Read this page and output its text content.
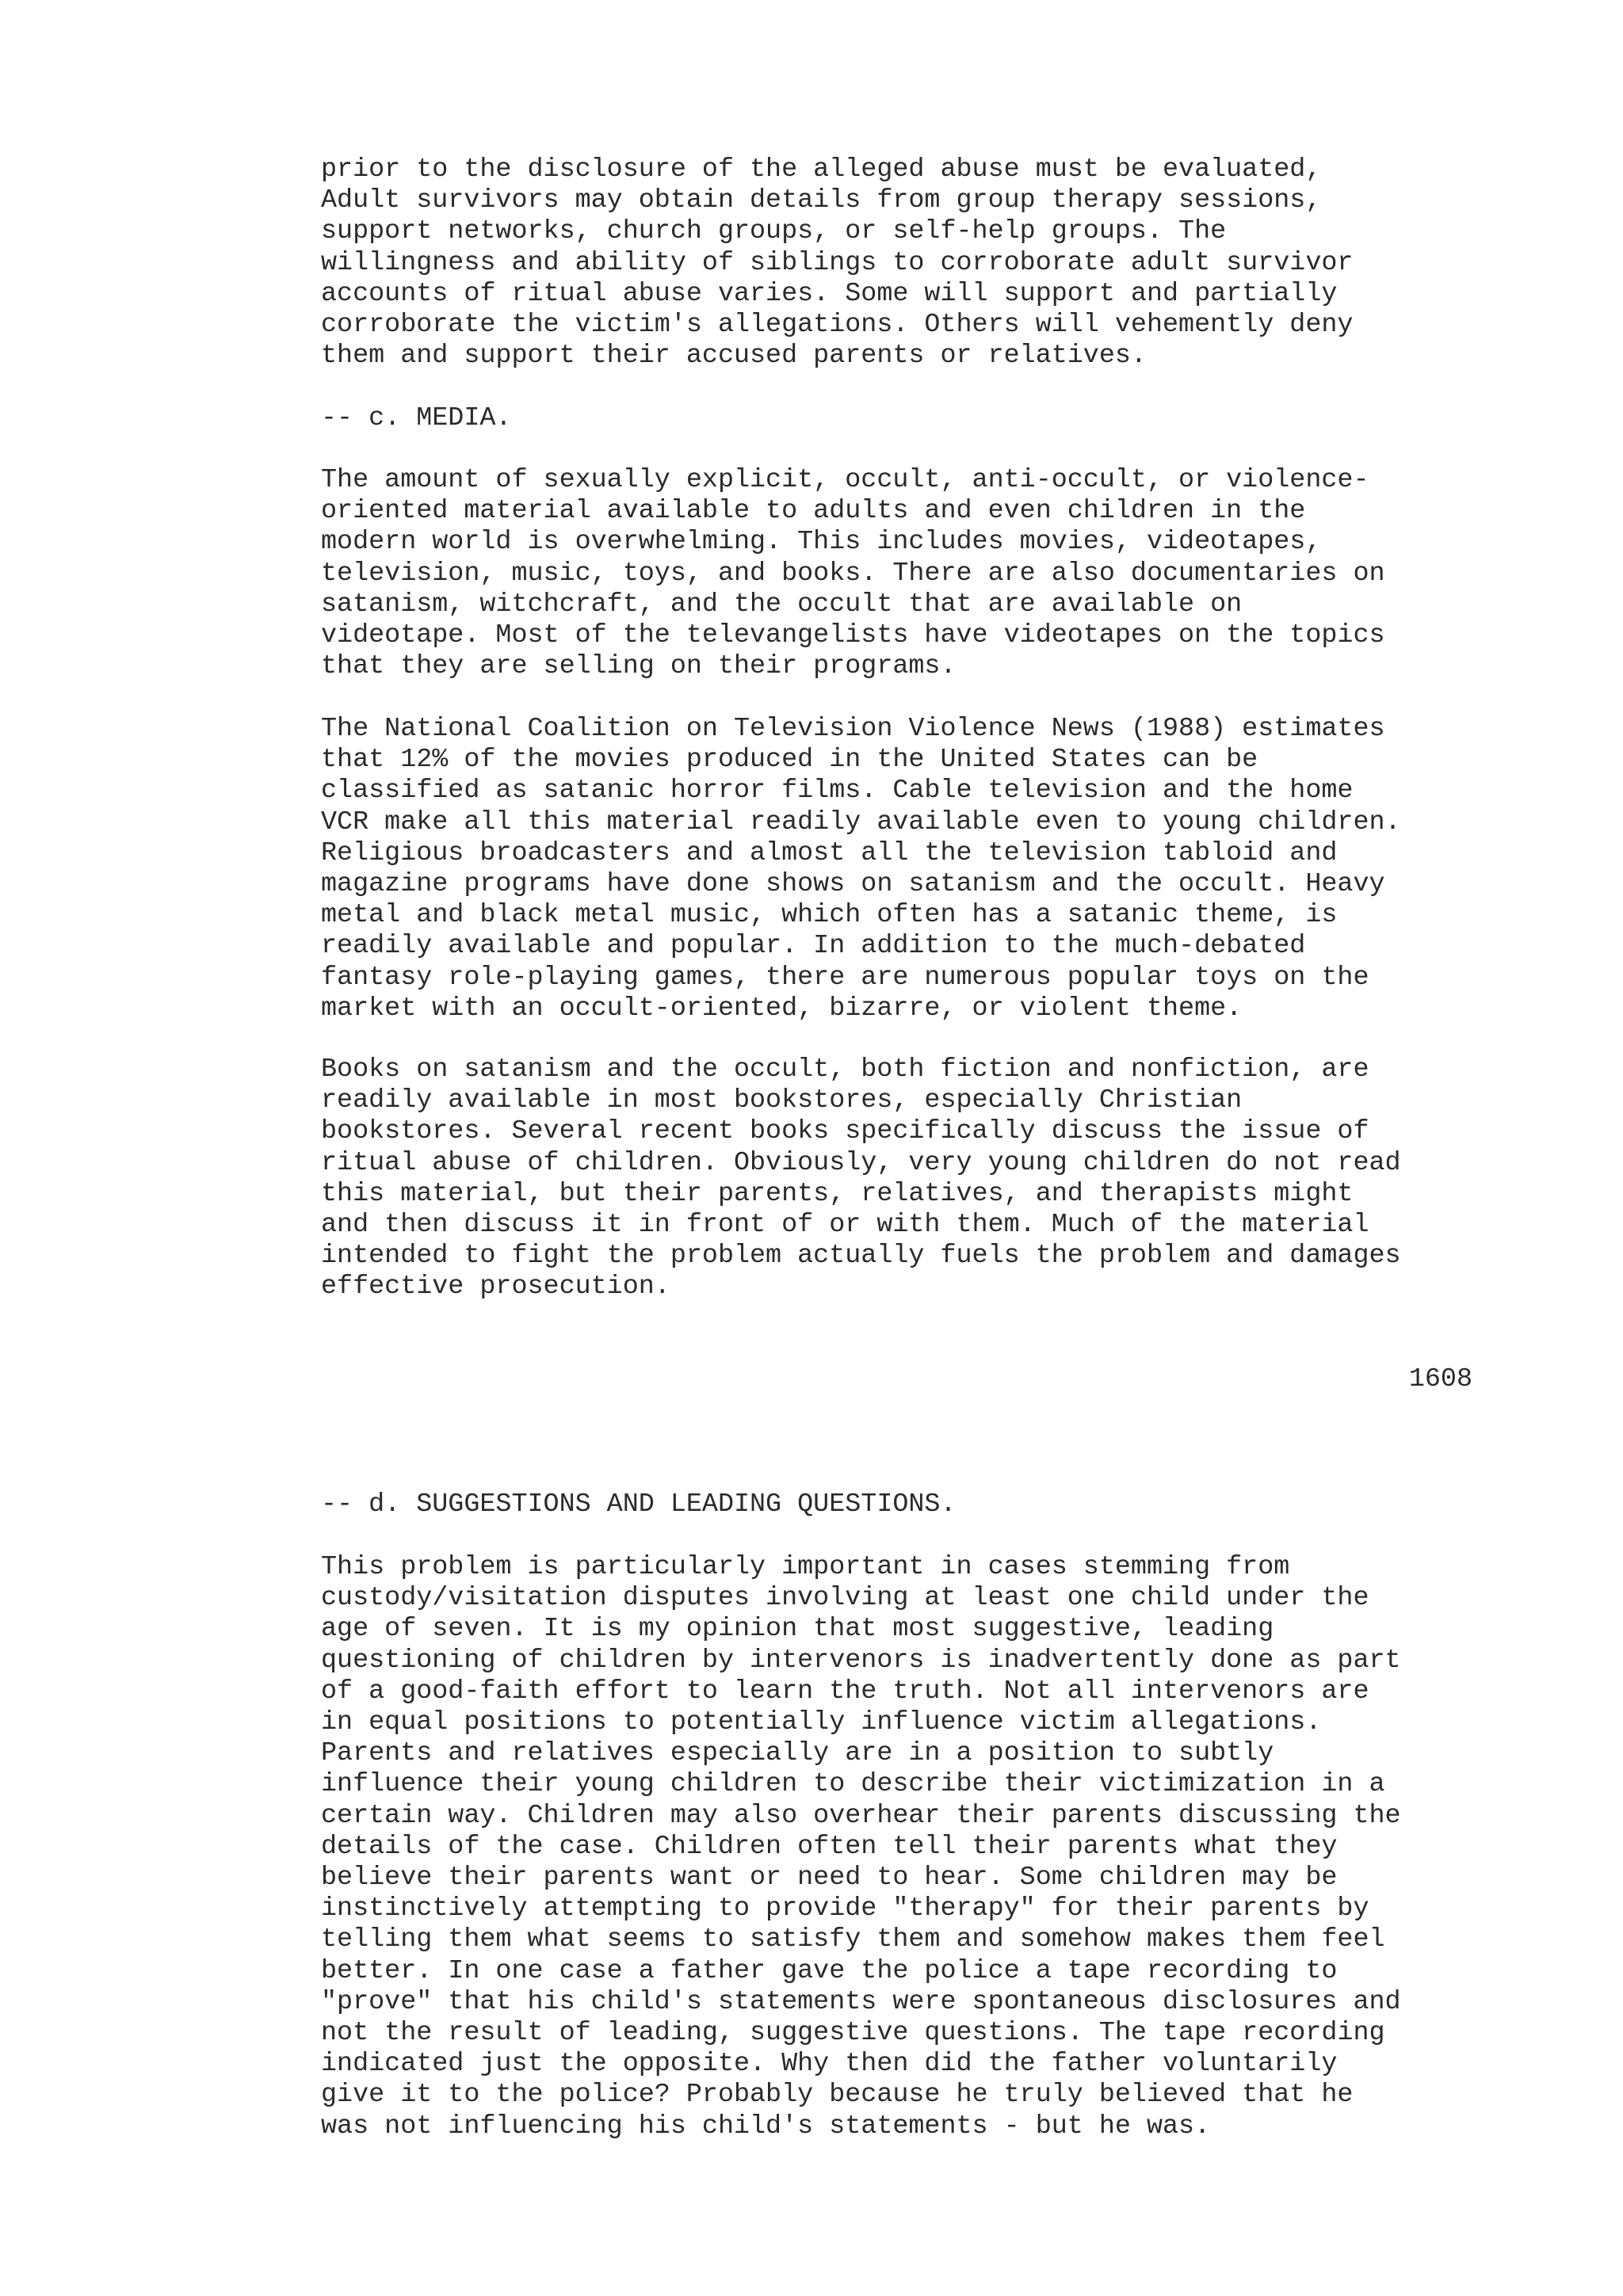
prior to the disclosure of the alleged abuse must be evaluated,
Adult survivors may obtain details from group therapy sessions,
support networks, church groups, or self-help groups. The
willingness and ability of siblings to corroborate adult survivor
accounts of ritual abuse varies. Some will support and partially
corroborate the victim's allegations. Others will vehemently deny
them and support their accused parents or relatives.

-- c. MEDIA.

The amount of sexually explicit, occult, anti-occult, or violence-
oriented material available to adults and even children in the
modern world is overwhelming. This includes movies, videotapes,
television, music, toys, and books. There are also documentaries on
satanism, witchcraft, and the occult that are available on
videotape. Most of the televangelists have videotapes on the topics
that they are selling on their programs.

The National Coalition on Television Violence News (1988) estimates
that 12% of the movies produced in the United States can be
classified as satanic horror films. Cable television and the home
VCR make all this material readily available even to young children.
Religious broadcasters and almost all the television tabloid and
magazine programs have done shows on satanism and the occult. Heavy
metal and black metal music, which often has a satanic theme, is
readily available and popular. In addition to the much-debated
fantasy role-playing games, there are numerous popular toys on the
market with an occult-oriented, bizarre, or violent theme.

Books on satanism and the occult, both fiction and nonfiction, are
readily available in most bookstores, especially Christian
bookstores. Several recent books specifically discuss the issue of
ritual abuse of children. Obviously, very young children do not read
this material, but their parents, relatives, and therapists might
and then discuss it in front of or with them. Much of the material
intended to fight the problem actually fuels the problem and damages
effective prosecution.

1608

-- d. SUGGESTIONS AND LEADING QUESTIONS.

This problem is particularly important in cases stemming from
custody/visitation disputes involving at least one child under the
age of seven. It is my opinion that most suggestive, leading
questioning of children by intervenors is inadvertently done as part
of a good-faith effort to learn the truth. Not all intervenors are
in equal positions to potentially influence victim allegations.
Parents and relatives especially are in a position to subtly
influence their young children to describe their victimization in a
certain way. Children may also overhear their parents discussing the
details of the case. Children often tell their parents what they
believe their parents want or need to hear. Some children may be
instinctively attempting to provide "therapy" for their parents by
telling them what seems to satisfy them and somehow makes them feel
better. In one case a father gave the police a tape recording to
"prove" that his child's statements were spontaneous disclosures and
not the result of leading, suggestive questions. The tape recording
indicated just the opposite. Why then did the father voluntarily
give it to the police? Probably because he truly believed that he
was not influencing his child's statements - but he was.
